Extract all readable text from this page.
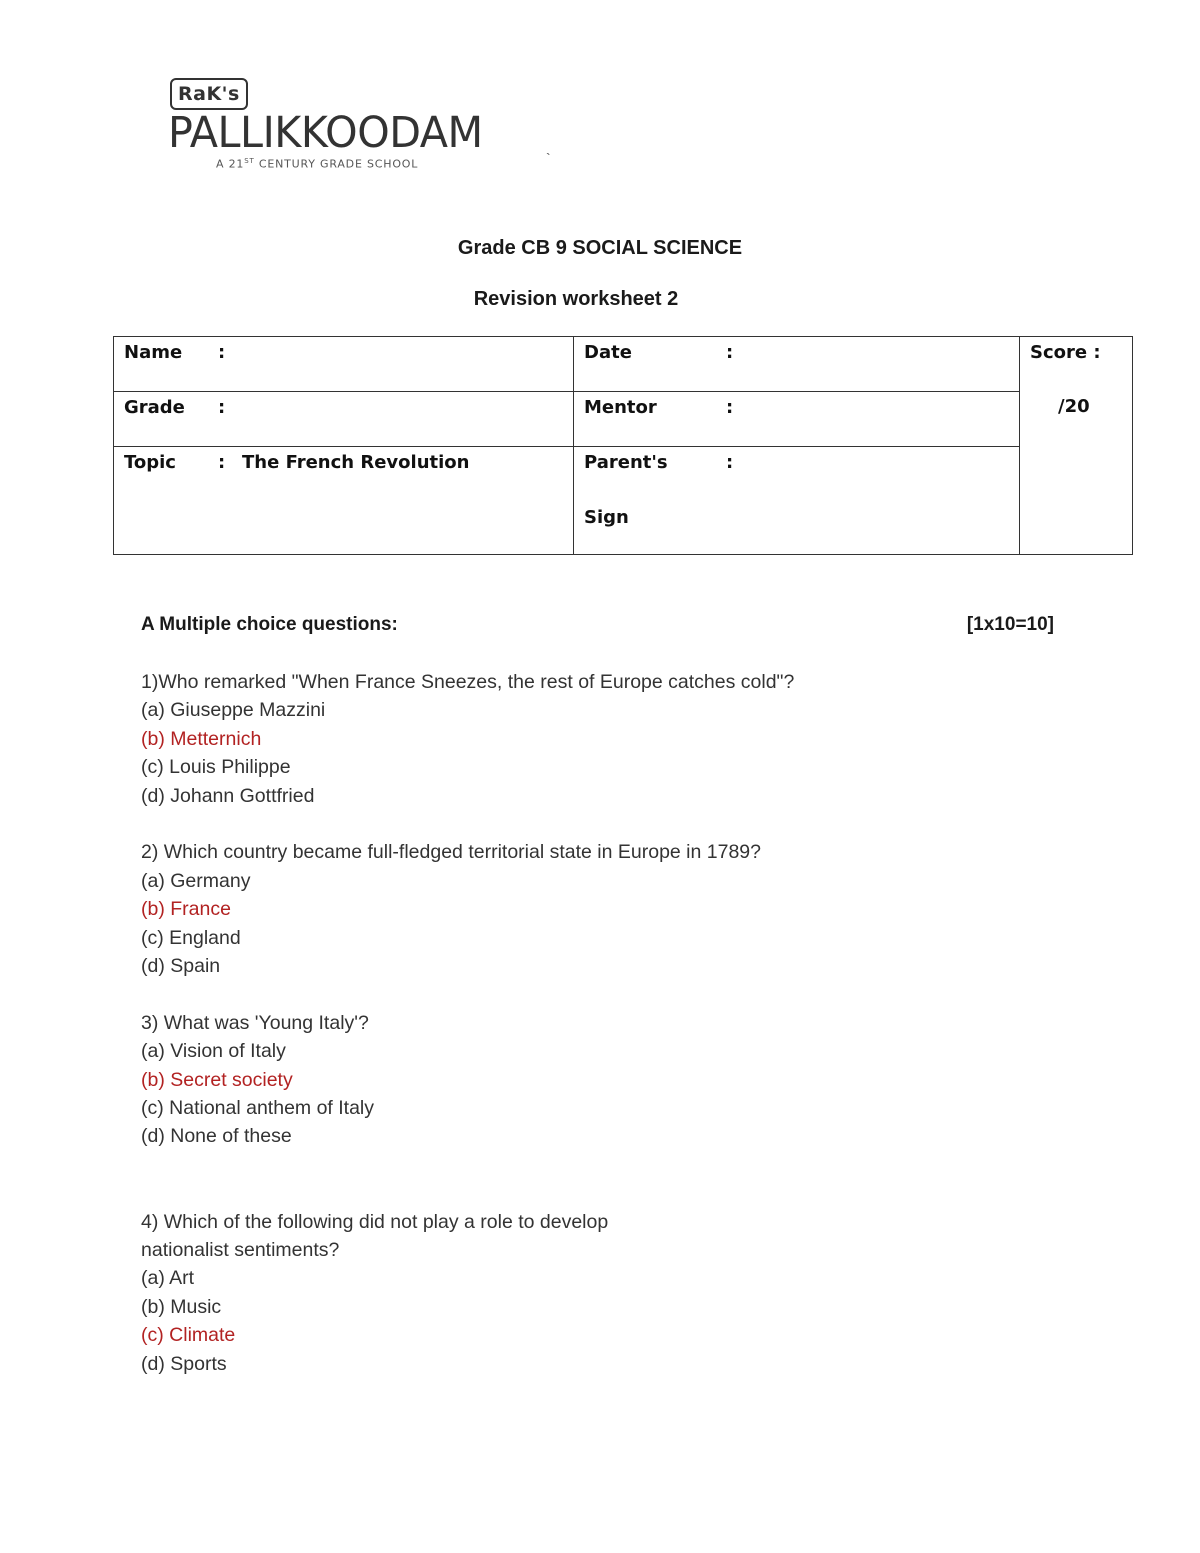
RaK's
PALLIKKOODAM
A 21ST CENTURY GRADE SCHOOL	`
Grade CB 9 SOCIAL SCIENCE
Revision worksheet 2
Name :	Date :	Score :
/20

Grade :	Mentor :	

Topic : The French Revolution	Parent's :
Sign	
A Multiple choice questions:	[1x10=10]
1)Who remarked "When France Sneezes, the rest of Europe catches cold"?
(a) Giuseppe Mazzini
(b) Metternich
(c) Louis Philippe
(d) Johann Gottfried
2) Which country became full-fledged territorial state in Europe in 1789?
(a) Germany
(b) France
(c) England
(d) Spain
3) What was 'Young Italy'?
(a) Vision of Italy
(b) Secret society
(c) National anthem of Italy
(d) None of these
4) Which of the following did not play a role to develop
nationalist sentiments?
(a) Art
(b) Music
(c) Climate
(d) Sports
